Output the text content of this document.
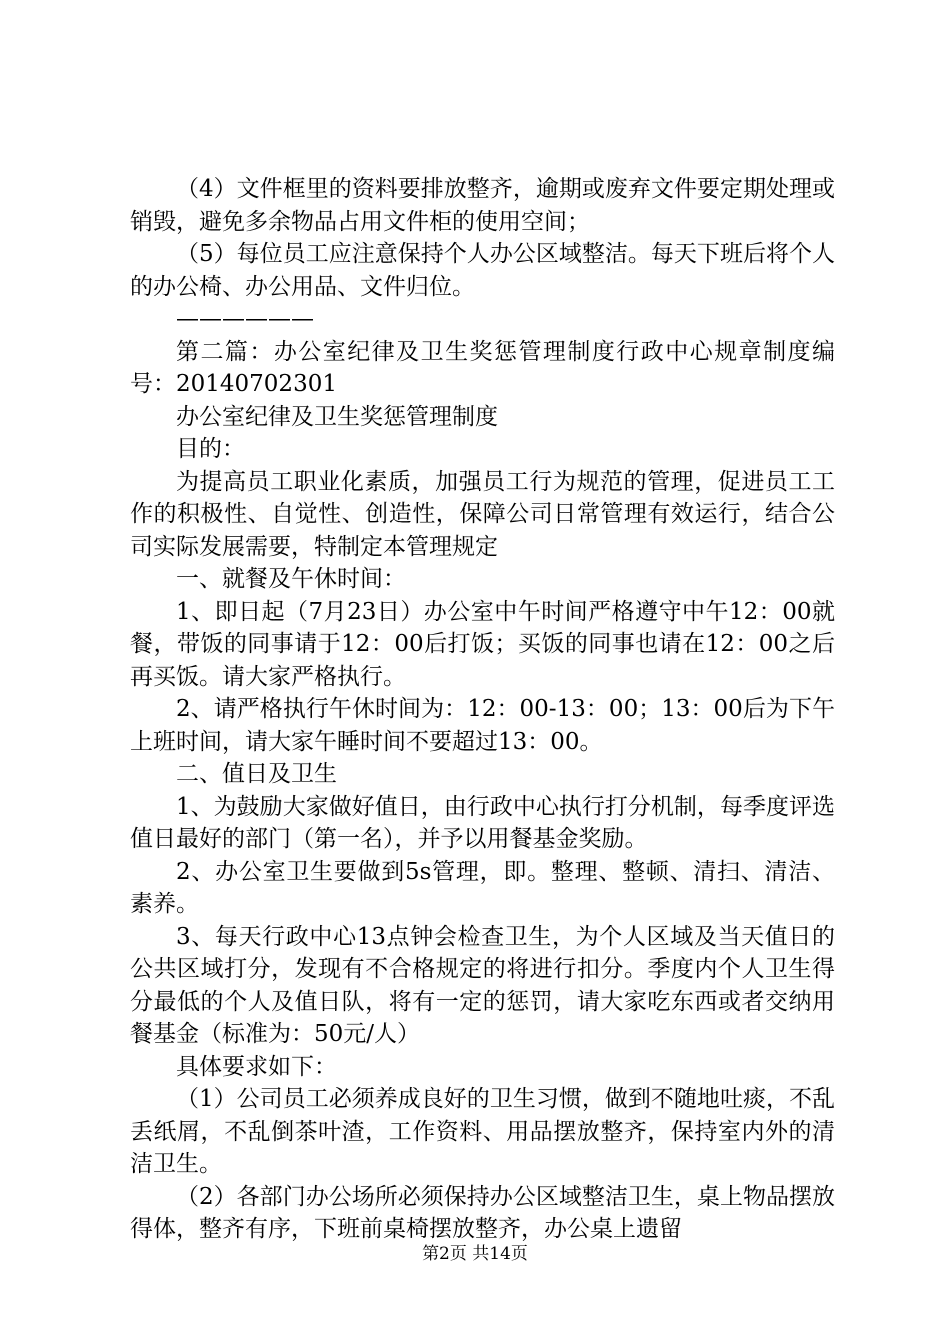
（4）文件框里的资料要排放整齐，逾期或废弃文件要定期处理或销毁，避免多余物品占用文件柜的使用空间；

（5）每位员工应注意保持个人办公区域整洁。每天下班后将个人的办公椅、办公用品、文件归位。

——————

第二篇：办公室纪律及卫生奖惩管理制度行政中心规章制度编号：20140702301

办公室纪律及卫生奖惩管理制度

目的：

为提高员工职业化素质，加强员工行为规范的管理，促进员工工作的积极性、自觉性、创造性，保障公司日常管理有效运行，结合公司实际发展需要，特制定本管理规定

一、就餐及午休时间：

1、即日起（7月23日）办公室中午时间严格遵守中午12：00就餐，带饭的同事请于12：00后打饭；买饭的同事也请在12：00之后再买饭。请大家严格执行。

2、请严格执行午休时间为：12：00-13：00；13：00后为下午上班时间，请大家午睡时间不要超过13：00。

二、值日及卫生

1、为鼓励大家做好值日，由行政中心执行打分机制，每季度评选值日最好的部门（第一名），并予以用餐基金奖励。

2、办公室卫生要做到5s管理，即。整理、整顿、清扫、清洁、素养。

3、每天行政中心13点钟会检查卫生，为个人区域及当天值日的公共区域打分，发现有不合格规定的将进行扣分。季度内个人卫生得分最低的个人及值日队，将有一定的惩罚，请大家吃东西或者交纳用餐基金（标准为：50元/人）

具体要求如下：

（1）公司员工必须养成良好的卫生习惯，做到不随地吐痰，不乱丢纸屑，不乱倒茶叶渣，工作资料、用品摆放整齐，保持室内外的清洁卫生。

（2）各部门办公场所必须保持办公区域整洁卫生，桌上物品摆放得体，整齐有序，下班前桌椅摆放整齐，办公桌上遗留

第2页 共14页
